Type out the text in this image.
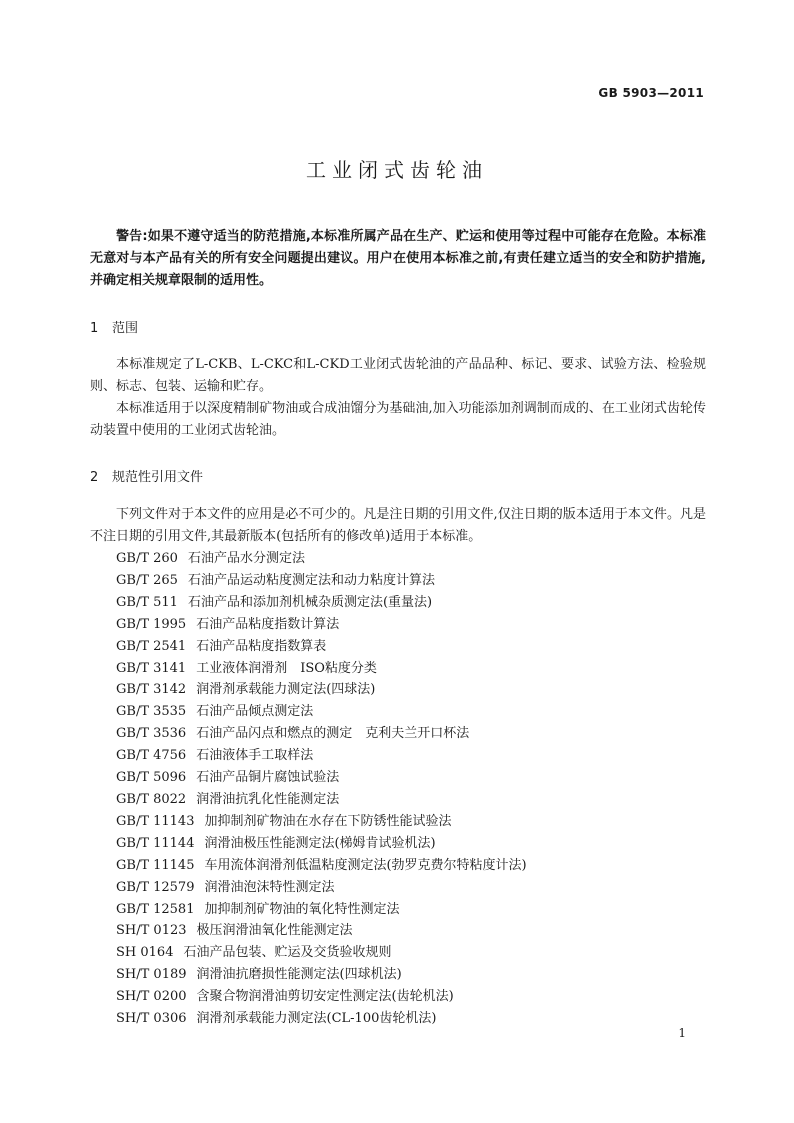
GB 5903—2011
工业闭式齿轮油
警告:如果不遵守适当的防范措施,本标准所属产品在生产、贮运和使用等过程中可能存在危险。本标准无意对与本产品有关的所有安全问题提出建议。用户在使用本标准之前,有责任建立适当的安全和防护措施,并确定相关规章限制的适用性。
1 范围
本标准规定了L-CKB、L-CKC和L-CKD工业闭式齿轮油的产品品种、标记、要求、试验方法、检验规则、标志、包装、运输和贮存。
本标准适用于以深度精制矿物油或合成油馏分为基础油,加入功能添加剂调制而成的、在工业闭式齿轮传动装置中使用的工业闭式齿轮油。
2 规范性引用文件
下列文件对于本文件的应用是必不可少的。凡是注日期的引用文件,仅注日期的版本适用于本文件。凡是不注日期的引用文件,其最新版本(包括所有的修改单)适用于本标准。
GB/T 260 石油产品水分测定法
GB/T 265 石油产品运动粘度测定法和动力粘度计算法
GB/T 511 石油产品和添加剂机械杂质测定法(重量法)
GB/T 1995 石油产品粘度指数计算法
GB/T 2541 石油产品粘度指数算表
GB/T 3141 工业液体润滑剂　ISO粘度分类
GB/T 3142 润滑剂承载能力测定法(四球法)
GB/T 3535 石油产品倾点测定法
GB/T 3536 石油产品闪点和燃点的测定　克利夫兰开口杯法
GB/T 4756 石油液体手工取样法
GB/T 5096 石油产品铜片腐蚀试验法
GB/T 8022 润滑油抗乳化性能测定法
GB/T 11143 加抑制剂矿物油在水存在下防锈性能试验法
GB/T 11144 润滑油极压性能测定法(梯姆肯试验机法)
GB/T 11145 车用流体润滑剂低温粘度测定法(勃罗克费尔特粘度计法)
GB/T 12579 润滑油泡沫特性测定法
GB/T 12581 加抑制剂矿物油的氧化特性测定法
SH/T 0123 极压润滑油氧化性能测定法
SH 0164 石油产品包装、贮运及交货验收规则
SH/T 0189 润滑油抗磨损性能测定法(四球机法)
SH/T 0200 含聚合物润滑油剪切安定性测定法(齿轮机法)
SH/T 0306 润滑剂承载能力测定法(CL-100齿轮机法)
1
